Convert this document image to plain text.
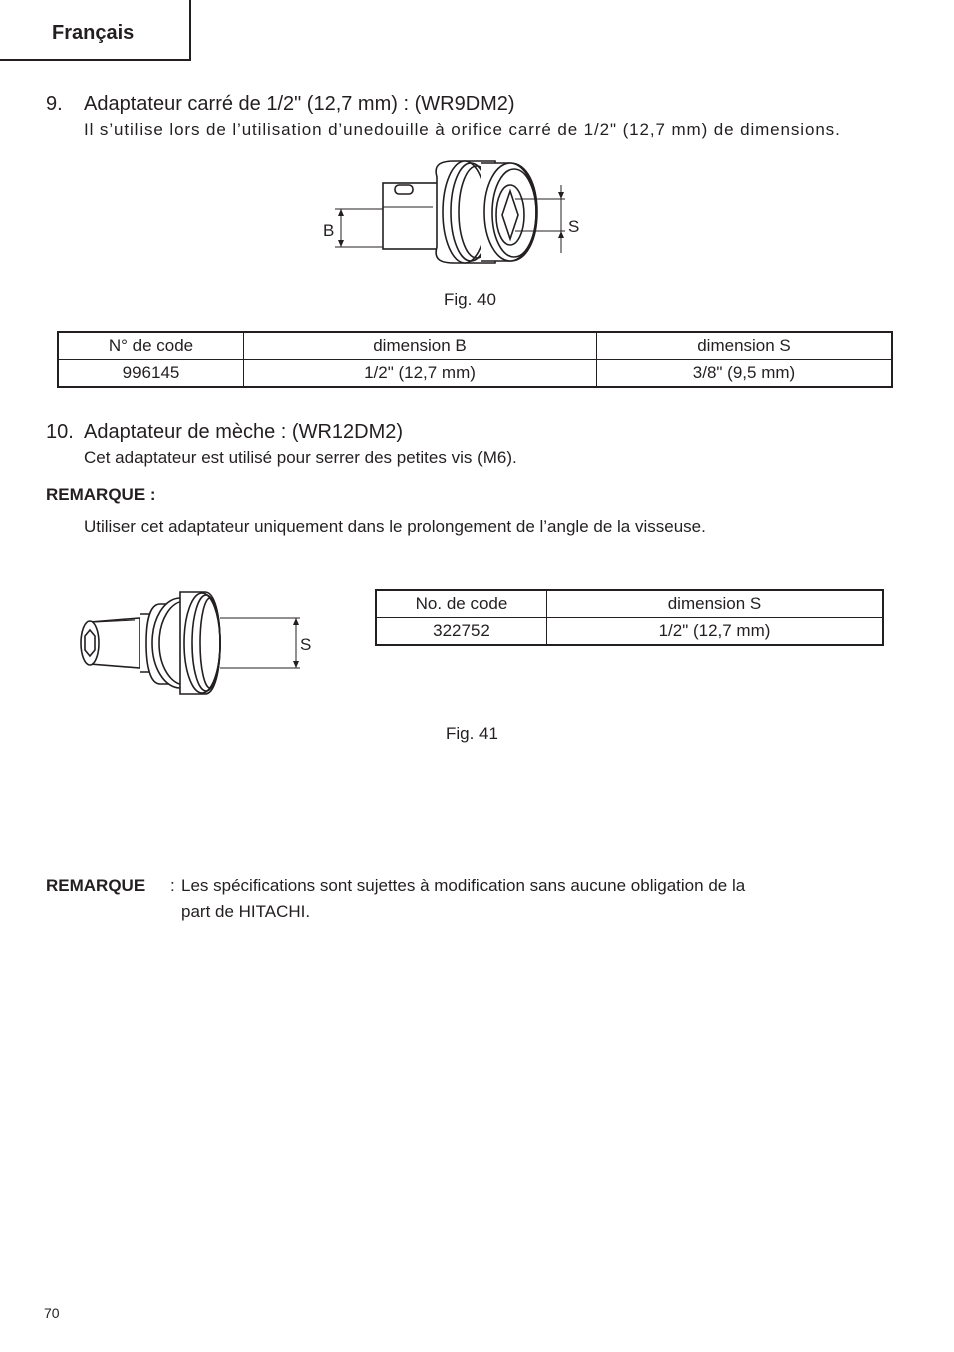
Français
9. Adaptateur carré de 1/2" (12,7 mm) : (WR9DM2)
Il s’utilise lors de l’utilisation d’unedouille à orifice carré de 1/2" (12,7 mm) de dimensions.
B	S
Fig. 40
N° de code	dimension B	dimension S
996145	1/2" (12,7 mm)	3/8" (9,5 mm)
10. Adaptateur de mèche : (WR12DM2)
Cet adaptateur est utilisé pour serrer des petites vis (M6).
REMARQUE :
Utiliser cet adaptateur uniquement dans le prolongement de l’angle de la visseuse.
S
No. de code	dimension S
322752	1/2" (12,7 mm)
Fig. 41
REMARQUE : Les spécifications sont sujettes à modification sans aucune obligation de la
part de HITACHI.
70
